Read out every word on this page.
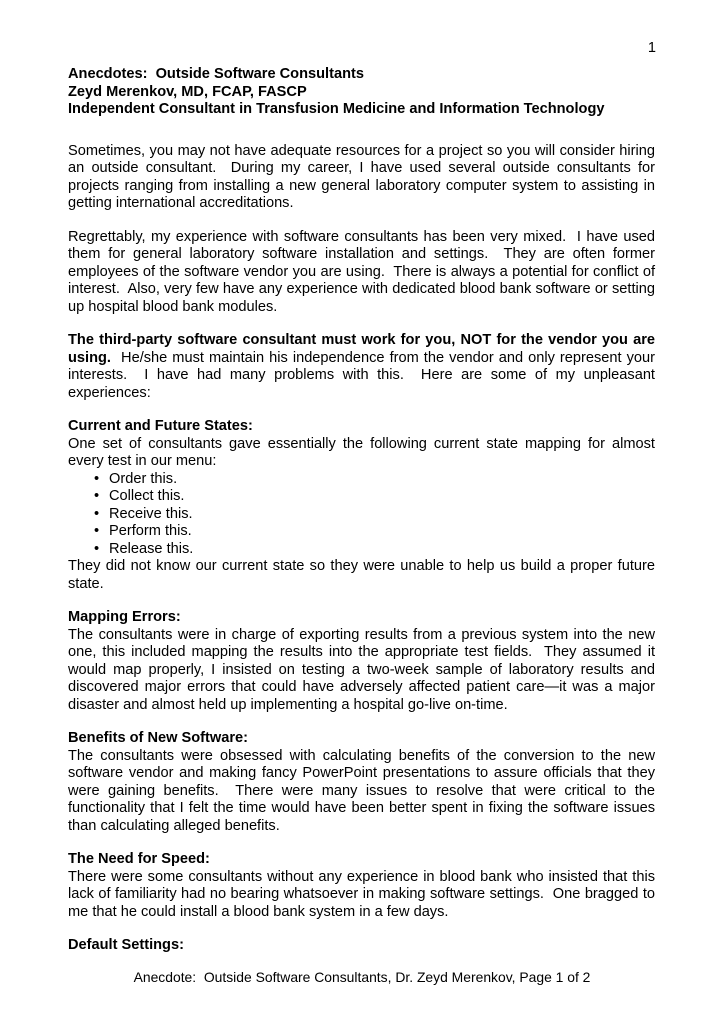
1
Anecdotes:  Outside Software Consultants
Zeyd Merenkov, MD, FCAP, FASCP
Independent Consultant in Transfusion Medicine and Information Technology

Sometimes, you may not have adequate resources for a project so you will consider hiring an outside consultant.  During my career, I have used several outside consultants for projects ranging from installing a new general laboratory computer system to assisting in getting international accreditations.

Regrettably, my experience with software consultants has been very mixed.  I have used them for general laboratory software installation and settings.  They are often former employees of the software vendor you are using.  There is always a potential for conflict of interest.  Also, very few have any experience with dedicated blood bank software or setting up hospital blood bank modules.

The third-party software consultant must work for you, NOT for the vendor you are using.  He/she must maintain his independence from the vendor and only represent your interests.  I have had many problems with this.  Here are some of my unpleasant experiences:

Current and Future States:

One set of consultants gave essentially the following current state mapping for almost every test in our menu:

• Order this.
• Collect this.
• Receive this.
• Perform this.
• Release this.

They did not know our current state so they were unable to help us build a proper future state.

Mapping Errors:

The consultants were in charge of exporting results from a previous system into the new one, this included mapping the results into the appropriate test fields.  They assumed it would map properly, I insisted on testing a two-week sample of laboratory results and discovered major errors that could have adversely affected patient care—it was a major disaster and almost held up implementing a hospital go-live on-time.

Benefits of New Software:

The consultants were obsessed with calculating benefits of the conversion to the new software vendor and making fancy PowerPoint presentations to assure officials that they were gaining benefits.  There were many issues to resolve that were critical to the functionality that I felt the time would have been better spent in fixing the software issues than calculating alleged benefits.

The Need for Speed:

There were some consultants without any experience in blood bank who insisted that this lack of familiarity had no bearing whatsoever in making software settings.  One bragged to me that he could install a blood bank system in a few days.

Default Settings:
Anecdote:  Outside Software Consultants, Dr. Zeyd Merenkov, Page 1 of 2
